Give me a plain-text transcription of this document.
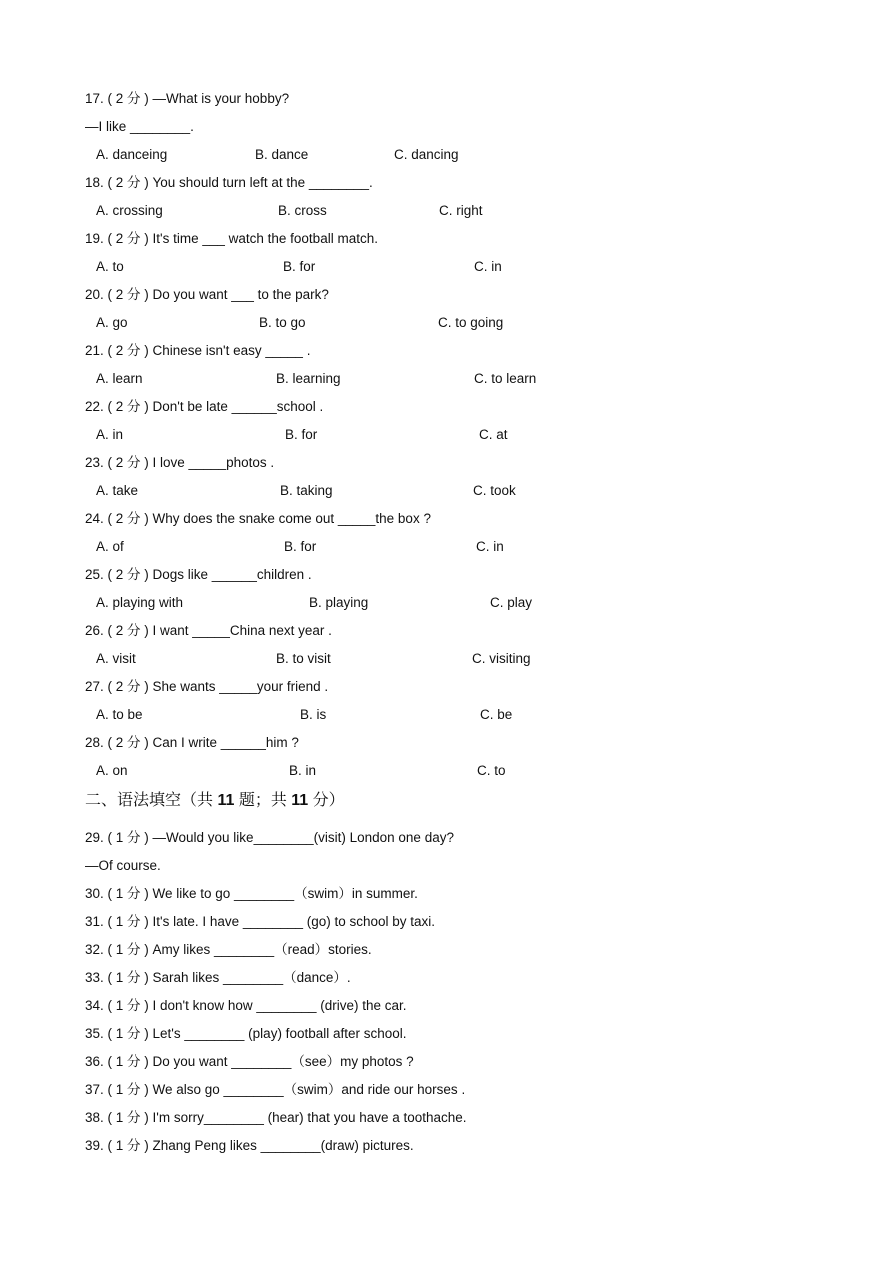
17. ( 2 分 ) —What is your hobby?
—I like ________.
A. danceing	B. dance	C. dancing
18. ( 2 分 ) You should turn left at the ________.
A. crossing	B. cross	C. right
19. ( 2 分 ) It's time ___ watch the football match.
A. to	B. for	C. in
20. ( 2 分 ) Do you want ___ to the park?
A. go	B. to go	C. to going
21. ( 2 分 ) Chinese isn't easy _____ .
A. learn	B. learning	C. to learn
22. ( 2 分 ) Don't be late ______school .
A. in	B. for	C. at
23. ( 2 分 ) I love _____photos .
A. take	B. taking	C. took
24. ( 2 分 ) Why does the snake come out _____the box ?
A. of	B. for	C. in
25. ( 2 分 ) Dogs like ______children .
A. playing with	B. playing	C. play
26. ( 2 分 ) I want _____China next year .
A. visit	B. to visit	C. visiting
27. ( 2 分 ) She wants _____your friend .
A. to be	B. is	C. be
28. ( 2 分 ) Can I write ______him ?
A. on	B. in	C. to
二、语法填空（共 11 题；共 11 分）
29. ( 1 分 ) —Would you like________(visit) London one day?
—Of course.
30. ( 1 分 ) We like to go ________（swim）in summer.
31. ( 1 分 ) It's late. I have ________ (go) to school by taxi.
32. ( 1 分 ) Amy likes ________（read）stories.
33. ( 1 分 ) Sarah likes ________（dance）.
34. ( 1 分 ) I don't know how ________ (drive) the car.
35. ( 1 分 ) Let's ________ (play) football after school.
36. ( 1 分 ) Do you want ________（see）my photos ?
37. ( 1 分 ) We also go ________（swim）and ride our horses .
38. ( 1 分 ) I'm sorry________ (hear) that you have a toothache.
39. ( 1 分 ) Zhang Peng likes ________(draw) pictures.
